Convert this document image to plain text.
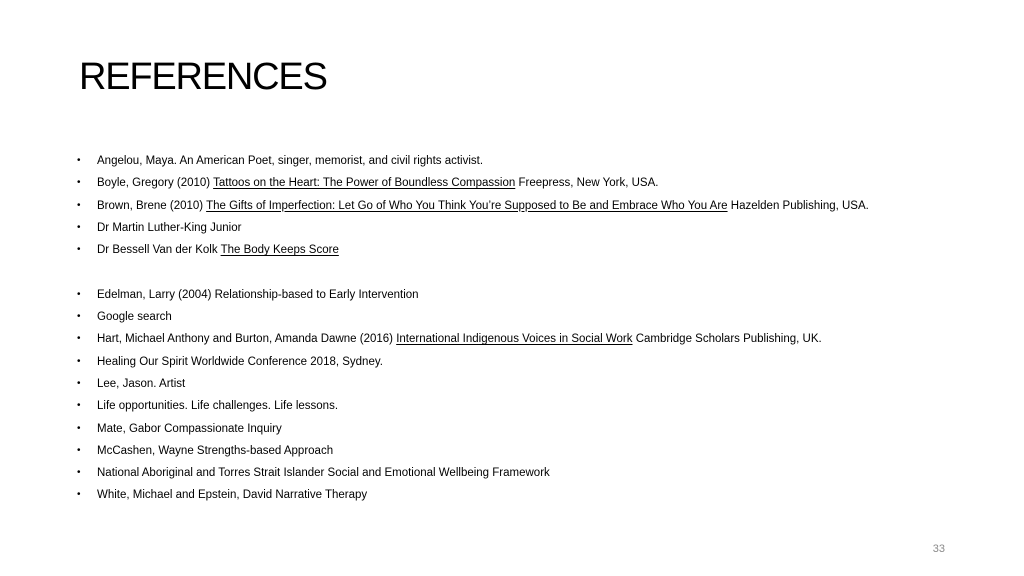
REFERENCES
• Angelou, Maya. An American Poet, singer, memorist, and civil rights activist.
• Boyle, Gregory (2010) Tattoos on the Heart: The Power of Boundless Compassion Freepress, New York, USA.
• Brown, Brene (2010) The Gifts of Imperfection: Let Go of Who You Think You’re Supposed to Be and Embrace Who You Are Hazelden Publishing, USA.
• Dr Martin Luther-King Junior
• Dr Bessell Van der Kolk The Body Keeps Score
• Edelman, Larry (2004) Relationship-based to Early Intervention
• Google search
• Hart, Michael Anthony and Burton, Amanda Dawne (2016) International Indigenous Voices in Social Work Cambridge Scholars Publishing, UK.
• Healing Our Spirit Worldwide Conference 2018, Sydney.
• Lee, Jason. Artist
• Life opportunities. Life challenges. Life lessons.
• Mate, Gabor Compassionate Inquiry
• McCashen, Wayne Strengths-based Approach
• National Aboriginal and Torres Strait Islander Social and Emotional Wellbeing Framework
• White, Michael and Epstein, David Narrative Therapy
33
